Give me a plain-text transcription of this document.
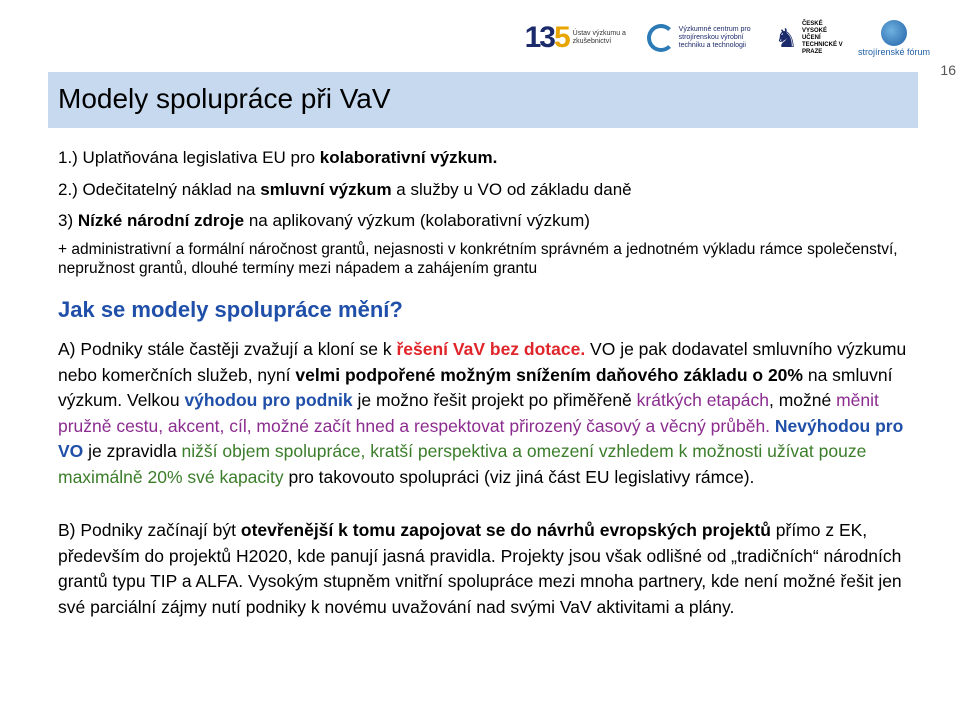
135 Ústav výzkumu a zkušebnictví
Výzkumné centrum pro strojírenskou výrobní techniku a technologii	♞ ČESKÉ VYSOKÉ UČENÍ TECHNICKÉ V PRAZE	strojírenské fórum
Modely spolupráce při VaV
16

1.) Uplatňována legislativa EU pro kolaborativní výzkum.

2.) Odečitatelný náklad na smluvní výzkum a služby u VO od základu daně

3) Nízké národní zdroje na aplikovaný výzkum (kolaborativní výzkum)

+ administrativní a formální náročnost grantů, nejasnosti v konkrétním správném a jednotném výkladu rámce společenství, nepružnost grantů, dlouhé termíny mezi nápadem a zahájením grantu

Jak se modely spolupráce mění?

A) Podniky stále častěji zvažují a kloní se k řešení VaV bez dotace. VO je pak dodavatel smluvního výzkumu nebo komerčních služeb, nyní velmi podpořené možným snížením daňového základu o 20% na smluvní výzkum. Velkou výhodou pro podnik je možno řešit projekt po přiměřeně krátkých etapách, možné měnit pružně cestu, akcent, cíl, možné začít hned a respektovat přirozený časový a věcný průběh. Nevýhodou pro VO je zpravidla nižší objem spolupráce, kratší perspektiva a omezení vzhledem k možnosti užívat pouze maximálně 20% své kapacity pro takovouto spolupráci (viz jiná část EU legislativy rámce).

B) Podniky začínají být otevřenější k tomu zapojovat se do návrhů evropských projektů přímo z EK, především do projektů H2020, kde panují jasná pravidla. Projekty jsou však odlišné od „tradičních“ národních grantů typu TIP a ALFA. Vysokým stupněm vnitřní spolupráce mezi mnoha partnery, kde není možné řešit jen své parciální zájmy nutí podniky k novému uvažování nad svými VaV aktivitami a plány.
